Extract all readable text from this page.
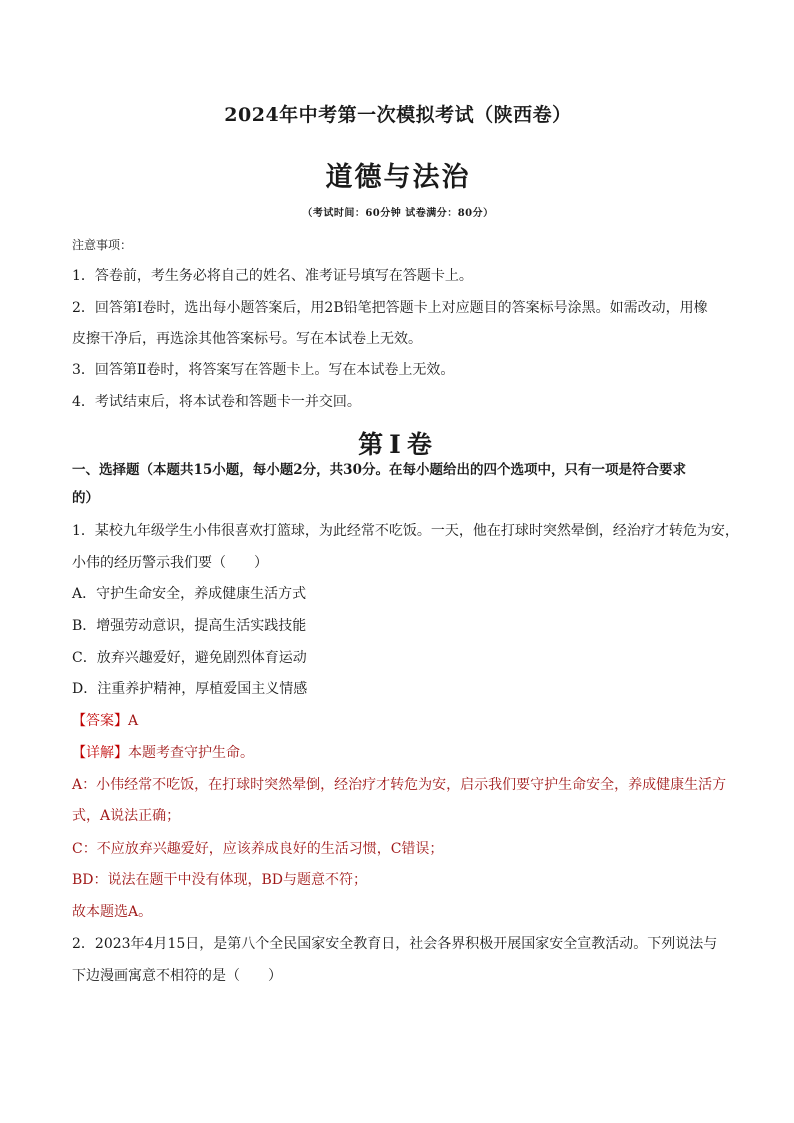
2024年中考第一次模拟考试（陕西卷）
道德与法治
（考试时间：60分钟 试卷满分：80分）
注意事项：
1．答卷前，考生务必将自己的姓名、准考证号填写在答题卡上。
2．回答第Ⅰ卷时，选出每小题答案后，用2B铅笔把答题卡上对应题目的答案标号涂黑。如需改动，用橡
皮擦干净后，再选涂其他答案标号。写在本试卷上无效。
3．回答第Ⅱ卷时，将答案写在答题卡上。写在本试卷上无效。
4．考试结束后，将本试卷和答题卡一并交回。
第Ⅰ卷
一、选择题（本题共15小题，每小题2分，共30分。在每小题给出的四个选项中，只有一项是符合要求
的）
1．某校九年级学生小伟很喜欢打篮球，为此经常不吃饭。一天，他在打球时突然晕倒，经治疗才转危为安，
小伟的经历警示我们要（　　）
A．守护生命安全，养成健康生活方式
B．增强劳动意识，提高生活实践技能
C．放弃兴趣爱好，避免剧烈体育运动
D．注重养护精神，厚植爱国主义情感
【答案】A
【详解】本题考查守护生命。
A：小伟经常不吃饭，在打球时突然晕倒，经治疗才转危为安，启示我们要守护生命安全，养成健康生活方
式，A说法正确；
C：不应放弃兴趣爱好，应该养成良好的生活习惯，C错误；
BD：说法在题干中没有体现，BD与题意不符；
故本题选A。
2．2023年4月15日，是第八个全民国家安全教育日，社会各界积极开展国家安全宣教活动。下列说法与
下边漫画寓意不相符的是（　　）
